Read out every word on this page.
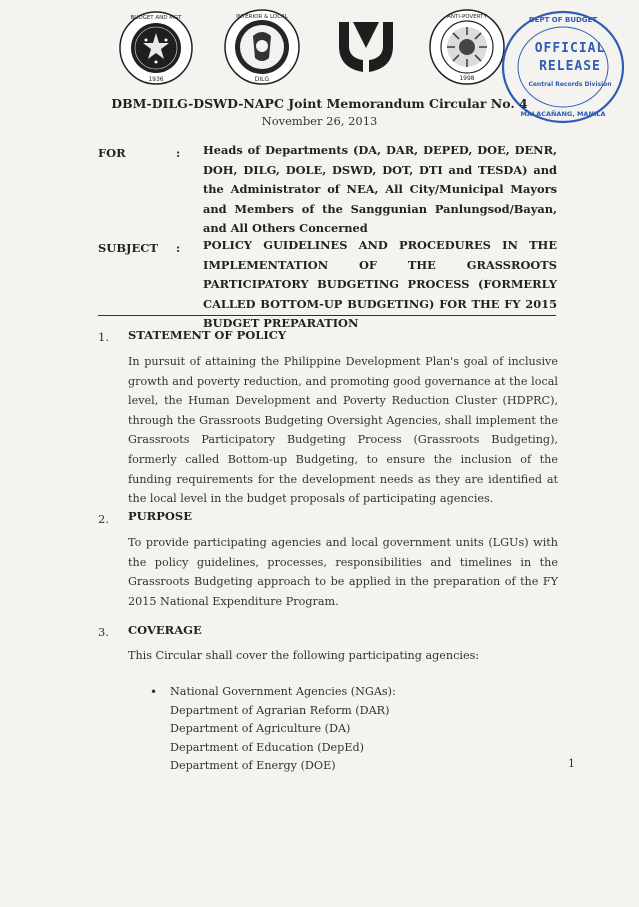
BUDGET AND MGT
1936
INTERIOR & LOCAL
DILG
ANTI-POVERTY
1998
DEPT OF BUDGET
OFFICIAL
RELEASE
Central Records Division
MALACAÑANG, MANILA
DBM-DILG-DSWD-NAPC Joint Memorandum Circular No. 4
November 26, 2013
FOR	: Heads of Departments (DA, DAR, DEPED, DOE, DENR, DOH, DILG, DOLE, DSWD, DOT, DTI and TESDA) and the Administrator of NEA, All City/Municipal Mayors and Members of the Sanggunian Panlungsod/Bayan, and All Others Concerned
SUBJECT : POLICY GUIDELINES AND PROCEDURES IN THE IMPLEMENTATION OF THE GRASSROOTS PARTICIPATORY BUDGETING PROCESS (FORMERLY CALLED BOTTOM-UP BUDGETING) FOR THE FY 2015 BUDGET PREPARATION
1. STATEMENT OF POLICY
In pursuit of attaining the Philippine Development Plan's goal of inclusive growth and poverty reduction, and promoting good governance at the local level, the Human Development and Poverty Reduction Cluster (HDPRC), through the Grassroots Budgeting Oversight Agencies, shall implement the Grassroots Participatory Budgeting Process (Grassroots Budgeting), formerly called Bottom-up Budgeting, to ensure the inclusion of the funding requirements for the development needs as they are identified at the local level in the budget proposals of participating agencies.
2. PURPOSE
To provide participating agencies and local government units (LGUs) with the policy guidelines, processes, responsibilities and timelines in the Grassroots Budgeting approach to be applied in the preparation of the FY 2015 National Expenditure Program.
3. COVERAGE
This Circular shall cover the following participating agencies:
• National Government Agencies (NGAs):
Department of Agrarian Reform (DAR)
Department of Agriculture (DA)
Department of Education (DepEd)
Department of Energy (DOE)	1
